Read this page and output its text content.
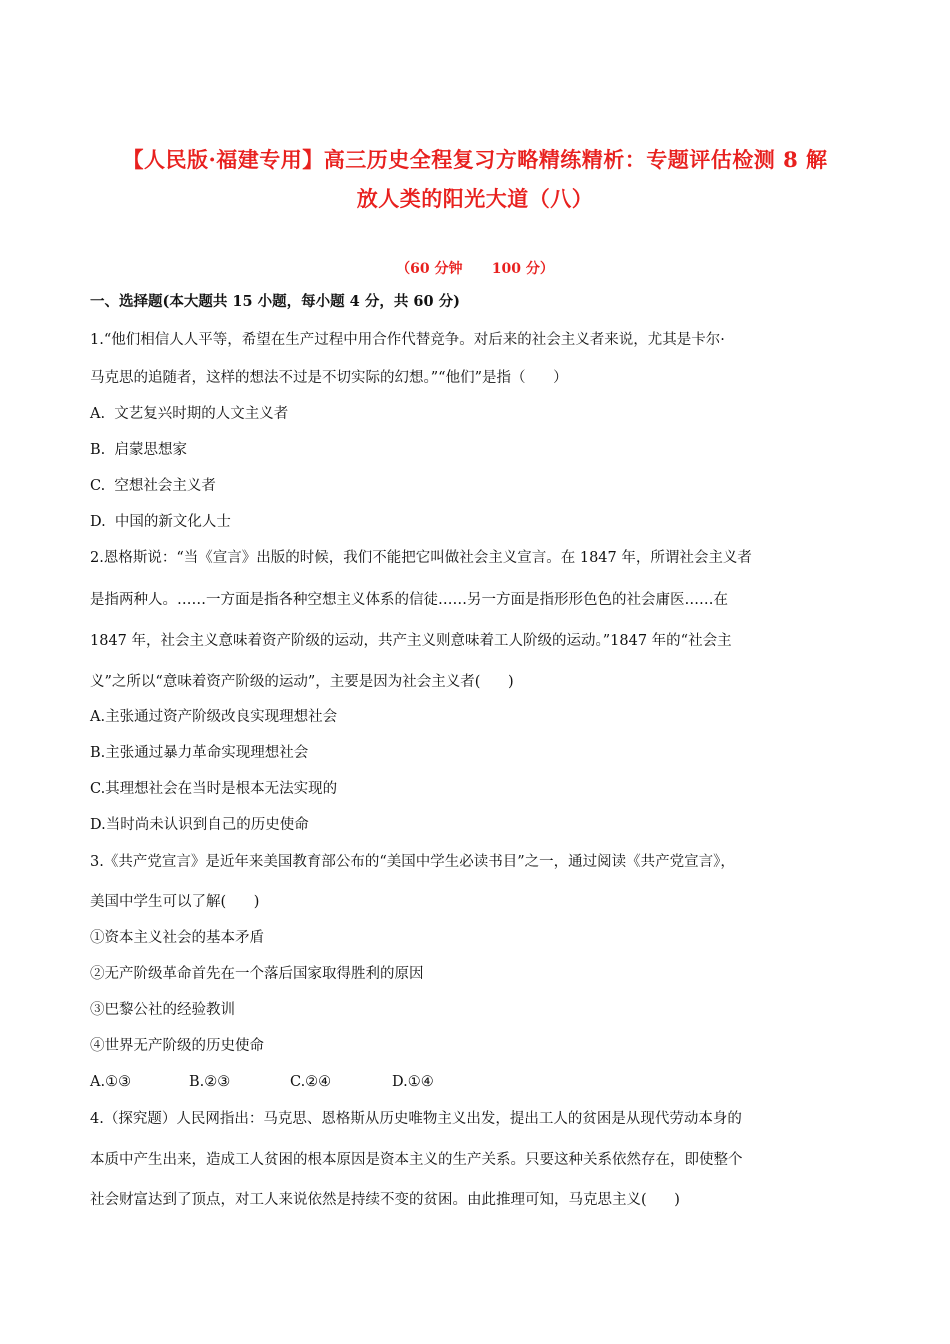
【人民版·福建专用】高三历史全程复习方略精练精析：专题评估检测 8 解
放人类的阳光大道（八）
（60 分钟      100 分）
一、选择题(本大题共 15 小题，每小题 4 分，共 60 分)
1.“他们相信人人平等，希望在生产过程中用合作代替竞争。对后来的社会主义者来说，尤其是卡尔·
马克思的追随者，这样的想法不过是不切实际的幻想。”“他们”是指（      ）
A.  文艺复兴时期的人文主义者
B.  启蒙思想家
C.  空想社会主义者
D.  中国的新文化人士
2.恩格斯说：“当《宣言》出版的时候，我们不能把它叫做社会主义宣言。在 1847 年，所谓社会主义者
是指两种人。……一方面是指各种空想主义体系的信徒……另一方面是指形形色色的社会庸医……在
1847 年，社会主义意味着资产阶级的运动，共产主义则意味着工人阶级的运动。”1847 年的“社会主
义”之所以“意味着资产阶级的运动”，主要是因为社会主义者(      )
A.主张通过资产阶级改良实现理想社会
B.主张通过暴力革命实现理想社会
C.其理想社会在当时是根本无法实现的
D.当时尚未认识到自己的历史使命
3.《共产党宣言》是近年来美国教育部公布的“美国中学生必读书目”之一，通过阅读《共产党宣言》，
美国中学生可以了解(      )
①资本主义社会的基本矛盾
②无产阶级革命首先在一个落后国家取得胜利的原因
③巴黎公社的经验教训
④世界无产阶级的历史使命
A.①③	B.②③	C.②④	D.①④
4.（探究题）人民网指出：马克思、恩格斯从历史唯物主义出发，提出工人的贫困是从现代劳动本身的
本质中产生出来，造成工人贫困的根本原因是资本主义的生产关系。只要这种关系依然存在，即使整个
社会财富达到了顶点，对工人来说依然是持续不变的贫困。由此推理可知，马克思主义(      )
